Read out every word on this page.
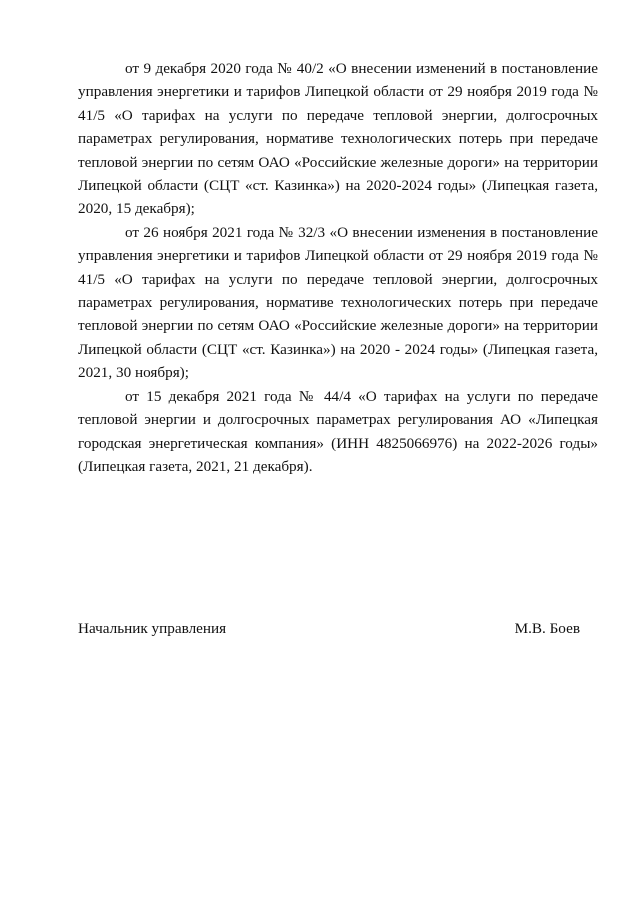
от 9 декабря 2020 года № 40/2 «О внесении изменений в постановление управления энергетики и тарифов Липецкой области от 29 ноября 2019 года № 41/5 «О тарифах на услуги по передаче тепловой энергии, долгосрочных параметрах регулирования, нормативе технологических потерь при передаче тепловой энергии по сетям ОАО «Российские железные дороги» на территории Липецкой области (СЦТ «ст. Казинка») на 2020-2024 годы» (Липецкая газета, 2020, 15 декабря);

от 26 ноября 2021 года № 32/3 «О внесении изменения в постановление управления энергетики и тарифов Липецкой области от 29 ноября 2019 года № 41/5 «О тарифах на услуги по передаче тепловой энергии, долгосрочных параметрах регулирования, нормативе технологических потерь при передаче тепловой энергии по сетям ОАО «Российские железные дороги» на территории Липецкой области (СЦТ «ст. Казинка») на 2020 - 2024 годы» (Липецкая газета, 2021, 30 ноября);

от 15 декабря 2021 года № 44/4 «О тарифах на услуги по передаче тепловой энергии и долгосрочных параметрах регулирования АО «Липецкая городская энергетическая компания» (ИНН 4825066976) на 2022-2026 годы» (Липецкая газета, 2021, 21 декабря).

Начальник управления	М.В. Боев
